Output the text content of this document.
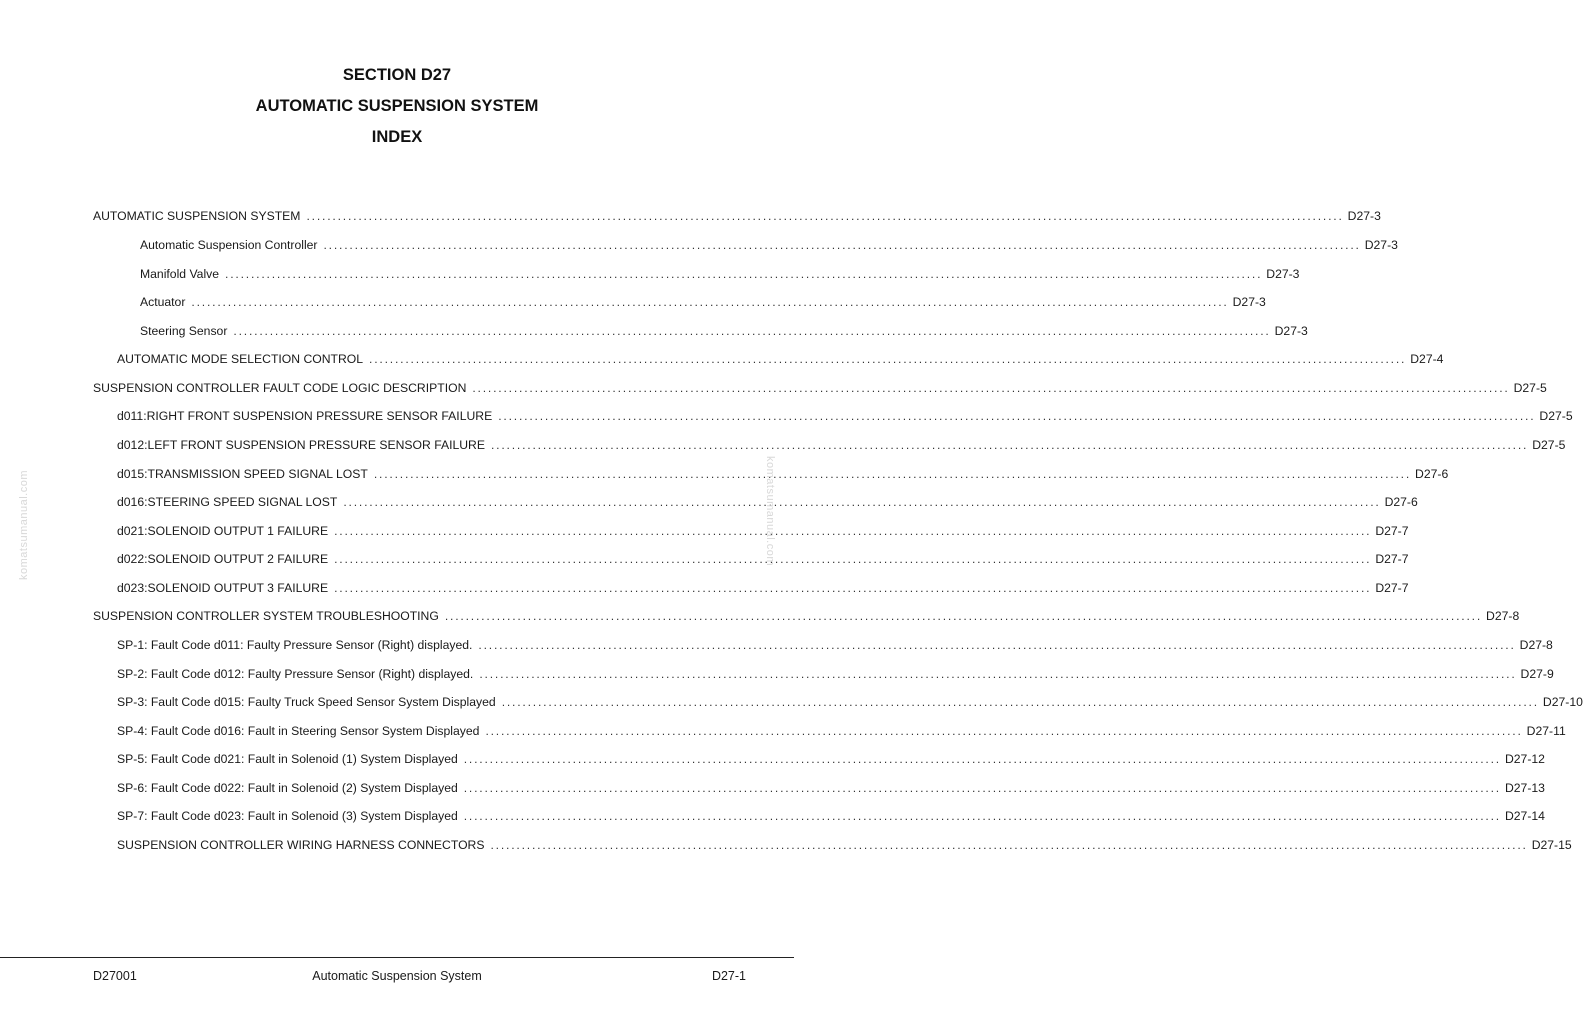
SECTION D27
AUTOMATIC SUSPENSION SYSTEM
INDEX
AUTOMATIC SUSPENSION SYSTEM ........................................................................................................................................................................................................ D27-3
Automatic Suspension Controller ........................................................................................................................................................................................................ D27-3
Manifold Valve ........................................................................................................................................................................................................ D27-3
Actuator ........................................................................................................................................................................................................ D27-3
Steering Sensor ........................................................................................................................................................................................................ D27-3
AUTOMATIC MODE SELECTION CONTROL ........................................................................................................................................................................................................ D27-4
SUSPENSION CONTROLLER FAULT CODE LOGIC DESCRIPTION ........................................................................................................................................................................................................ D27-5
d011:RIGHT FRONT SUSPENSION PRESSURE SENSOR FAILURE ........................................................................................................................................................................................................ D27-5
d012:LEFT FRONT SUSPENSION PRESSURE SENSOR FAILURE ........................................................................................................................................................................................................ D27-5
d015:TRANSMISSION SPEED SIGNAL LOST ........................................................................................................................................................................................................ D27-6
d016:STEERING SPEED SIGNAL LOST ........................................................................................................................................................................................................ D27-6
d021:SOLENOID OUTPUT 1 FAILURE ........................................................................................................................................................................................................ D27-7
d022:SOLENOID OUTPUT 2 FAILURE ........................................................................................................................................................................................................ D27-7
d023:SOLENOID OUTPUT 3 FAILURE ........................................................................................................................................................................................................ D27-7
SUSPENSION CONTROLLER SYSTEM TROUBLESHOOTING ........................................................................................................................................................................................................ D27-8
SP-1: Fault Code d011: Faulty Pressure Sensor (Right) displayed. ........................................................................................................................................................................................................ D27-8
SP-2: Fault Code d012: Faulty Pressure Sensor (Right) displayed. ........................................................................................................................................................................................................ D27-9
SP-3: Fault Code d015: Faulty Truck Speed Sensor System Displayed ........................................................................................................................................................................................................ D27-10
SP-4: Fault Code d016: Fault in Steering Sensor System Displayed ........................................................................................................................................................................................................ D27-11
SP-5: Fault Code d021: Fault in Solenoid (1) System Displayed ........................................................................................................................................................................................................ D27-12
SP-6: Fault Code d022: Fault in Solenoid (2) System Displayed ........................................................................................................................................................................................................ D27-13
SP-7: Fault Code d023: Fault in Solenoid (3) System Displayed ........................................................................................................................................................................................................ D27-14
SUSPENSION CONTROLLER WIRING HARNESS CONNECTORS ........................................................................................................................................................................................................ D27-15
komatsumanual.com	komatsumanual.com
D27001	Automatic Suspension System	D27-1
